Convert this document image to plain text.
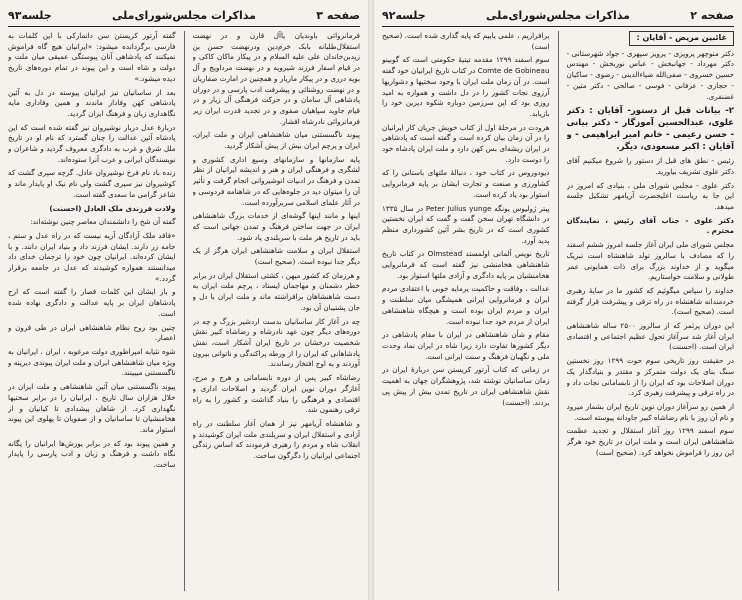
صفحه ۳
مذاکرات مجلس‌شورای‌ملی
جلسه۹۳

فرمانروائی باوندیان یاآل قارن و در نهضت استقلال‌طلبانه بابک خرم‌دین ودرنهضت حسن بن زیدبن‌خاندان علی علیه السلام و در پیکار ماکان کاکی و در قیام اسفار فرزند شیرویه و در نهضت مرداویج و آل بویه درری و در پیکار مازیار و همچنین در امارت صفاریان و در نهضت روشنائی و پیشرفت ادب پارسی و در دوران پادشاهی آل سامان و در حرکت فرهنگی آل زیار و در قیام جاوید سپاهیان صفوی و در تجدید قدرت ایران زیر فرمانروائی نادرشاه افشار.

پیوند ناگسستنی میان شاهنشاهی ایران و ملت ایران، ایران و پرچم ایران بیش از پیش آشکار گردید.

پایه سازمانها و سازمانهای وسیع اداری کشوری و لشگری و فرهنگی ایران و هنر و اندیشه ایرانیان از نظر تمدن و فرهنگ در ادبیات انوشیروانی انجام گرفت و تأثیر آن را میتوان دید در جلوه‌هایی که در شاهنامه فردوسی و در آثار علمای اسلامی سربرآورده است.

اینها و مانند اینها گوشه‌ای از خدمات بزرگ شاهنشاهی ایران در جهت ساختن فرهنگ و تمدن جهانی است که باید در تاریخ هر ملت با سربلندی یاد شود.

استقلال ایران و سلامت شاهنشاهی ایران هرگز از یک دیگر جدا نبوده است. (صحیح است)

و هرزمان که کشور میهن ، کشتی استقلال ایران در برابر خطر دشمنان و مهاجمان ایستاد ، پرچم ملت ایران به دست شاهنشاهان برافراشته ماند و ملت ایران با دل و جان پشتیبان آن بود.

چه در آغاز کار ساسانیان بدست اردشیر بزرگ و چه در دوره‌های دیگر چون عهد نادرشاه و رضاشاه کبیر نقش شخصیت درخشان در تاریخ ایران آشکار است، نقش پادشاهانی که ایران را از ورطه پراکندگی و ناتوانی بیرون آوردند و به اوج افتخار رساندند.

رضاشاه کبیر پس از دوره نابسامانی و هرج و مرج، آغازگر دوران نوین ایران گردید و اصلاحات اداری و اقتصادی و فرهنگی را بنیاد گذاشت و کشور را به راه ترقی رهنمون شد.

و شاهنشاه آریامهر نیز از همان آغاز سلطنت در راه آزادی و استقلال ایران و سربلندی ملت ایران کوشیدند و انقلاب شاه و مردم را رهبری فرمودند که اساس زندگی اجتماعی ایرانیان را دگرگون ساخت.

گفته آرتور کریستن سن دانمارکی با این کلمات به فارسی برگردانده میشود: «ایرانیان هیچ گاه فراموش نمیکنند که پادشاهی آنان پیوستگی عمیقی میان ملت و دولت و شاه است و این پیوند در تمام دوره‌های تاریخ دیده میشود.»

بعد از ساسانیان نیز ایرانیان پیوسته در دل به آئین پادشاهی کهن وفادار ماندند و همین وفاداری مایه نگاهداری زبان و فرهنگ ایران گردید.

دربارهٔ عدل دربار نوشیروان نیز گفته شده است که این پادشاه آئین عدالت را چنان گسترد که نام او در تاریخ ملل شرق و غرب به دادگری معروف گردید و شاعران و نویسندگان ایرانی و عرب آنرا ستوده‌اند.

زنده باد نام فرخ نوشیروان عادل. گرچه سپری گشت که کوشیروان نیز سپری گشت ولی نام نیک او پایدار ماند و شاعر گرامی ما سعدی گفته است.

ولادت فرزندی ملک العادل (احسنت)

گفته آن شخ را دانشمندان معاصر چنین نوشته‌اند:

«فاقد ملک آزادگان آریه نیست که در راه عدل و ستم ، جامه زر دارند. ایشان فرزند داد و بنیاد ایران دانند. و با ایشان کرده‌اند. ایرانیان چون خود را ترجمان خدای داد میدانستند همواره کوشیدند که عدل در جامعه برقرار گردد.»

و باز ایشان این کلمات قصار را گفته است که ارج پادشاهان ایران بر پایه عدالت و دادگری نهاده شده است.

چنین بود روح نظام شاهنشاهی ایران در طی قرون و اعصار.

شوه نثیابه امپراطوری دولت مرغوبه ، ایران . ایرانیان به ویژه میان شاهنشاهی ایران و ملت ایران پیوندی دیرینه و ناگسستنی میبینند.

پیوند ناگسستنی میان آئین شاهنشاهی و ملت ایران در خلال هزاران سال تاریخ ، ایرانیان را در برابر سختیها نگهداری کرد. از شاهان پیشدادی تا کیانیان و از هخامنشیان تا ساسانیان و از صفویان تا پهلوی این پیوند استوار ماند.

و همین پیوند بود که در برابر یورش‌ها ایرانیان را یگانه نگاه داشت و فرهنگ و زبان و ادب پارسی را پایدار ساخت.

صفحه ۲
مذاکرات مجلس‌شورای‌ملی
جلسه۹۲
غائبین مریض - آقایان :

دکتر منوچهر پرویزی - پرویز سپهری - جواد شهرستانی - دکتر مهرداد - جهانبخش - عباس نوربخش - مهندس حسین خسروی - صفی‌الله ضیاءالدینی - رضوی - ساکیان - حجازی - عرفانی - فوسی - صالحی - دکتر متین - غضنفری.

۲- بیانات قبل از دستور- آقایان : دکتر علوی، عبدالحسین آموزگار - دکتر بیانی - حسن زعیمی - خانم امیر ابراهیمی - و آقایان : اکبر مسعودی، دیگر.

رئیس - نطق های قبل از دستور را شروع میکنیم آقای دکتر علوی تشریف بیاورید.

دکتر علوی - مجلس شورای ملی ، بنیادی که امروز در این جا به ریاست اعلیحضرت آریامهر تشکیل جلسه میدهد.

دکتر علوی - جناب آقای رئیس ، نمایندگان محترم .

مجلس شورای ملی ایران آغاز جلسه امروز ششم اسفند را که مصادف با سالروز تولد شاهنشاه است تبریک میگوید و از خداوند بزرگ برای ذات همایونی عمر طولانی و سلامت خواستاریم.

خداوند را سپاس میگوئیم که کشور ما در سایهٔ رهبری خردمندانه شاهنشاه در راه ترقی و پیشرفت قرار گرفته است. (صحیح است).

این دوران پرثمر که از سالروز ۲۵۰۰ ساله شاهنشاهی ایران آغاز شد سرآغاز تحول عظیم اجتماعی و اقتصادی ایران است. (احسنت)

در حقیقت روز تاریخی سوم حوت ۱۲۹۹ روز نخستین سنگ بنای یک دولت متمرکز و مقتدر و بنیادگذار یک دوران اصلاحات بود که ایران را از نابسامانی نجات داد و در راه ترقی و پیشرفت رهبری کرد.

از همین رو سرآغاز دوران نوین تاریخ ایران بشمار میرود و نام آن روز با نام رضاشاه کبیر جاودانه پیوسته است.

سوم اسفند ۱۲۹۹ روز آغاز استقلال و تجدید عظمت شاهنشاهی ایران است و ملت ایران در تاریخ خود هرگز این روز را فراموش نخواهد کرد. (صحیح است)

برافرازیم ، علمی یابیم که پایه گذاری شده است. (صحیح است)

سوم اسفند ۱۲۹۹ مقدمه تیتیهٔ حکومتی است که گوبینو Comte de Gobineau در کتاب تاریخ ایرانیان خود گفته است. در آن زمان ملت ایران با وجود سختیها و دشواریها آرزوی نجات کشور را در دل داشت و همواره به امید روزی بود که این سرزمین دوباره شکوه دیرین خود را بازیابد.

هرودت در مرحلهٔ اول از کتاب خویش جریان کار ایرانیان را در آن زمان بیان کرده است و گفته است که پادشاهی در ایران ریشه‌ای بس کهن دارد و ملت ایران پادشاه خود را دوست دارد.

دیودوروس در کتاب خود ، دنبالهٔ ملتهای باستانی را که کشاورزی و صنعت و تجارت ایشان بر پایه فرمانروایی استوار بود یاد کرده است.

پیتر ژولیوس یونگه Peter Julius yunge در سال ۱۳۳۵ در دانشگاه تهران سخن گفت و گفت که ایران نخستین کشوری است که در تاریخ بشر آئین کشورداری منظم پدید آورد.

تاریخ نویس آلمانی اولمستد Olmstead در کتاب تاریخ شاهنشاهی هخامنشی نیز گفته است که فرمانروایی هخامنشیان بر پایه دادگری و آزادی ملتها استوار بود.

عدالت ، وفاقت و حاکمیت پرمایه خوبی با اعتقادی مردم ایران و فرمانروایی ایرانی همیشگی میان سلطنت و ایران و مردم ایران بوده است و هیچگاه شاهنشاهی ایران از مردم خود جدا نبوده است.

مقام و شأن شاهنشاهی در ایران با مقام پادشاهی در دیگر کشورها تفاوت دارد زیرا شاه در ایران نماد وحدت ملی و نگهبان فرهنگ و سنت ایرانی است.

در زمانی که کتاب آرتور کریستن سن دربارهٔ ایران در زمان ساسانیان نوشته شد، پژوهشگران جهان به اهمیت نقش شاهنشاهی ایران در تاریخ تمدن بیش از پیش پی بردند. (احسنت)
